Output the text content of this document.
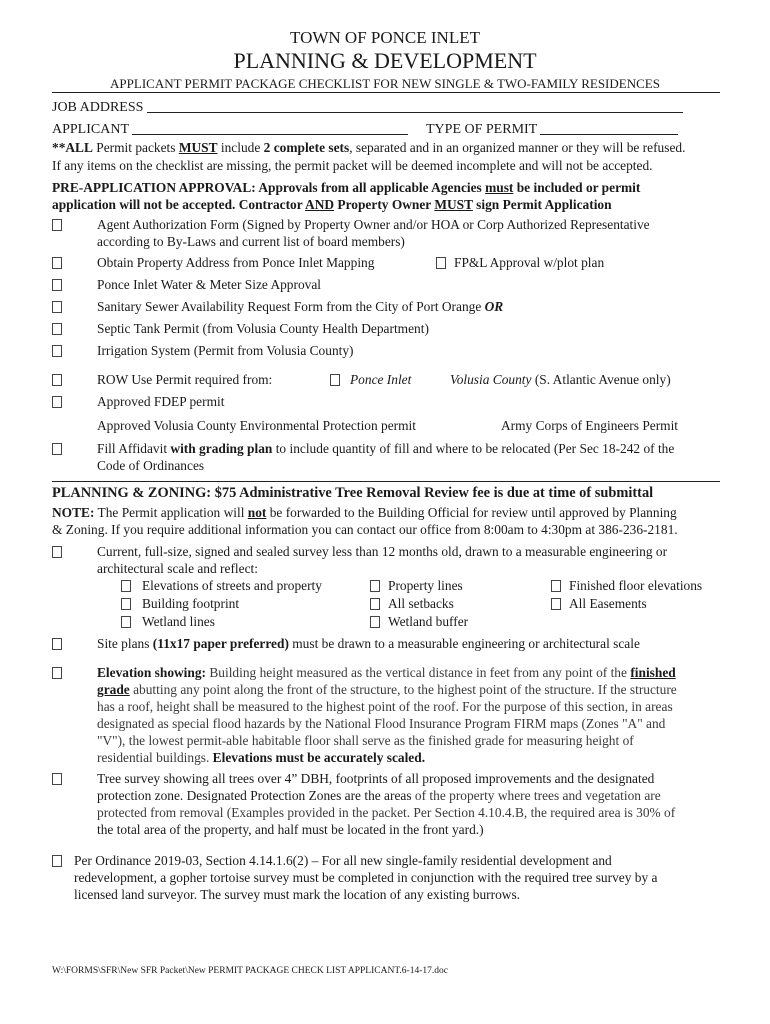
TOWN OF PONCE INLET
PLANNING & DEVELOPMENT
APPLICANT PERMIT PACKAGE CHECKLIST FOR NEW SINGLE & TWO-FAMILY RESIDENCES
JOB ADDRESS
APPLICANT	TYPE OF PERMIT
**ALL Permit packets MUST include 2 complete sets, separated and in an organized manner or they will be refused.
If any items on the checklist are missing, the permit packet will be deemed incomplete and will not be accepted.
PRE-APPLICATION APPROVAL: Approvals from all applicable Agencies must be included or permit
application will not be accepted. Contractor AND Property Owner MUST sign Permit Application
Agent Authorization Form (Signed by Property Owner and/or HOA or Corp Authorized Representative
according to By-Laws and current list of board members)
Obtain Property Address from Ponce Inlet Mapping	FP&L Approval w/plot plan
Ponce Inlet Water & Meter Size Approval
Sanitary Sewer Availability Request Form from the City of Port Orange OR
Septic Tank Permit (from Volusia County Health Department)
Irrigation System (Permit from Volusia County)
ROW Use Permit required from:	Ponce Inlet	Volusia County (S. Atlantic Avenue only)
Approved FDEP permit
Approved Volusia County Environmental Protection permit	Army Corps of Engineers Permit
Fill Affidavit with grading plan to include quantity of fill and where to be relocated (Per Sec 18-242 of the
Code of Ordinances
PLANNING & ZONING: $75 Administrative Tree Removal Review fee is due at time of submittal
NOTE: The Permit application will not be forwarded to the Building Official for review until approved by Planning
& Zoning. If you require additional information you can contact our office from 8:00am to 4:30pm at 386-236-2181.
Current, full-size, signed and sealed survey less than 12 months old, drawn to a measurable engineering or
architectural scale and reflect:
Elevations of streets and property	Property lines	Finished floor elevations
Building footprint	All setbacks	All Easements
Wetland lines	Wetland buffer
Site plans (11x17 paper preferred) must be drawn to a measurable engineering or architectural scale
Elevation showing: Building height measured as the vertical distance in feet from any point of the finished
grade abutting any point along the front of the structure, to the highest point of the structure. If the structure
has a roof, height shall be measured to the highest point of the roof. For the purpose of this section, in areas
designated as special flood hazards by the National Flood Insurance Program FIRM maps (Zones "A" and
"V"), the lowest permit-able habitable floor shall serve as the finished grade for measuring height of
residential buildings. Elevations must be accurately scaled.
Tree survey showing all trees over 4” DBH, footprints of all proposed improvements and the designated
protection zone. Designated Protection Zones are the areas of the property where trees and vegetation are
protected from removal (Examples provided in the packet. Per Section 4.10.4.B, the required area is 30% of
the total area of the property, and half must be located in the front yard.)
Per Ordinance 2019-03, Section 4.14.1.6(2) – For all new single-family residential development and
redevelopment, a gopher tortoise survey must be completed in conjunction with the required tree survey by a
licensed land surveyor. The survey must mark the location of any existing burrows.
W:\FORMS\SFR\New SFR Packet\New PERMIT PACKAGE CHECK LIST APPLICANT.6-14-17.doc
